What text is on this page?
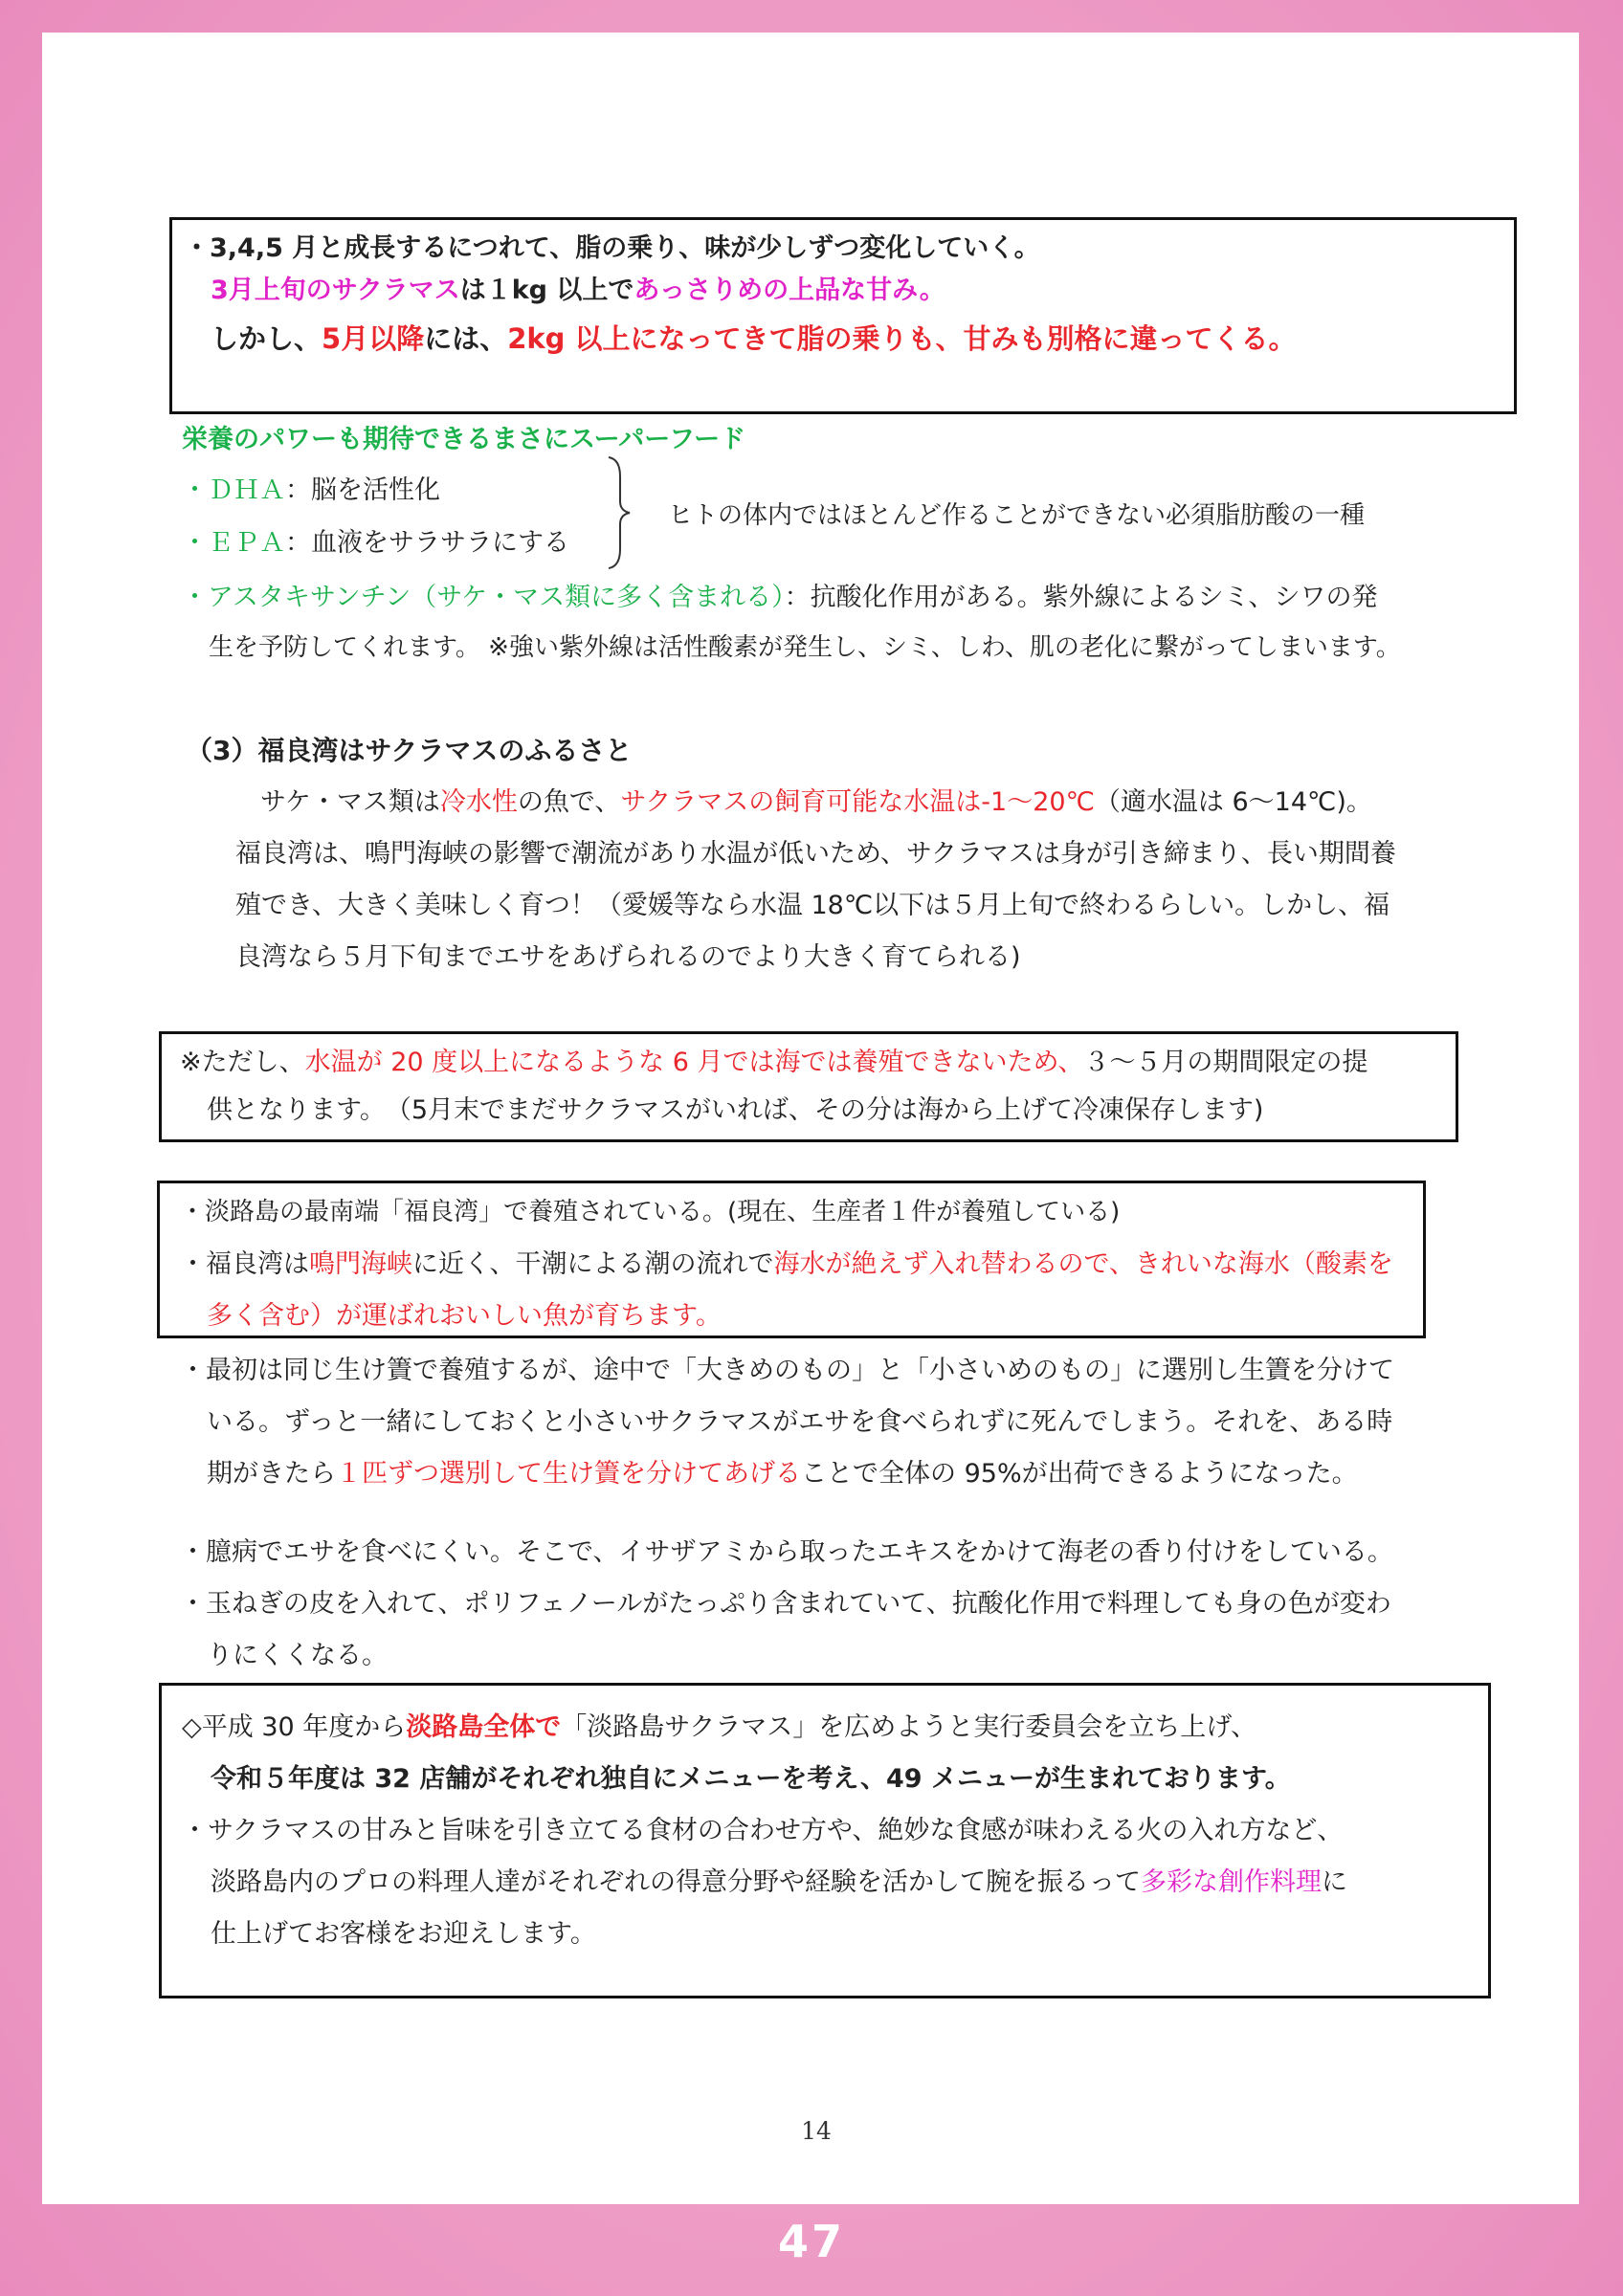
・3,4,5 月と成長するにつれて、脂の乗り、味が少しずつ変化していく。
3月上旬のサクラマスは１kg 以上であっさりめの上品な甘み。
しかし、5月以降には、2kg 以上になってきて脂の乗りも、甘みも別格に違ってくる。
栄養のパワーも期待できるまさにスーパーフード
・ＤＨＡ：脳を活性化
・ＥＰＡ：血液をサラサラにする
ヒトの体内ではほとんど作ることができない必須脂肪酸の一種
・アスタキサンチン（サケ・マス類に多く含まれる）：抗酸化作用がある。紫外線によるシミ、シワの発
生を予防してくれます。 ※強い紫外線は活性酸素が発生し、シミ、しわ、肌の老化に繋がってしまいます。
（3）福良湾はサクラマスのふるさと
サケ・マス類は冷水性の魚で、サクラマスの飼育可能な水温は-1～20℃（適水温は 6～14℃)。
福良湾は、鳴門海峡の影響で潮流があり水温が低いため、サクラマスは身が引き締まり、長い期間養
殖でき、大きく美味しく育つ！（愛媛等なら水温 18℃以下は５月上旬で終わるらしい。しかし、福
良湾なら５月下旬までエサをあげられるのでより大きく育てられる)
※ただし、水温が 20 度以上になるような 6 月では海では養殖できないため、３～５月の期間限定の提
供となります。　（5月末でまだサクラマスがいれば、その分は海から上げて冷凍保存します)
・淡路島の最南端「福良湾」で養殖されている。(現在、生産者１件が養殖している)
・福良湾は鳴門海峡に近く、干潮による潮の流れで海水が絶えず入れ替わるので、きれいな海水（酸素を
多く含む）が運ばれおいしい魚が育ちます。
・最初は同じ生け簀で養殖するが、途中で「大きめのもの」と「小さいめのもの」に選別し生簀を分けて
いる。ずっと一緒にしておくと小さいサクラマスがエサを食べられずに死んでしまう。それを、ある時
期がきたら１匹ずつ選別して生け簀を分けてあげることで全体の 95%が出荷できるようになった。
・臆病でエサを食べにくい。そこで、イサザアミから取ったエキスをかけて海老の香り付けをしている。
・玉ねぎの皮を入れて、ポリフェノールがたっぷり含まれていて、抗酸化作用で料理しても身の色が変わ
りにくくなる。
◇平成 30 年度から淡路島全体で「淡路島サクラマス」を広めようと実行委員会を立ち上げ、
令和５年度は 32 店舗がそれぞれ独自にメニューを考え、49 メニューが生まれております。
・サクラマスの甘みと旨味を引き立てる食材の合わせ方や、絶妙な食感が味わえる火の入れ方など、
淡路島内のプロの料理人達がそれぞれの得意分野や経験を活かして腕を振るって多彩な創作料理に
仕上げてお客様をお迎えします。
14
47
